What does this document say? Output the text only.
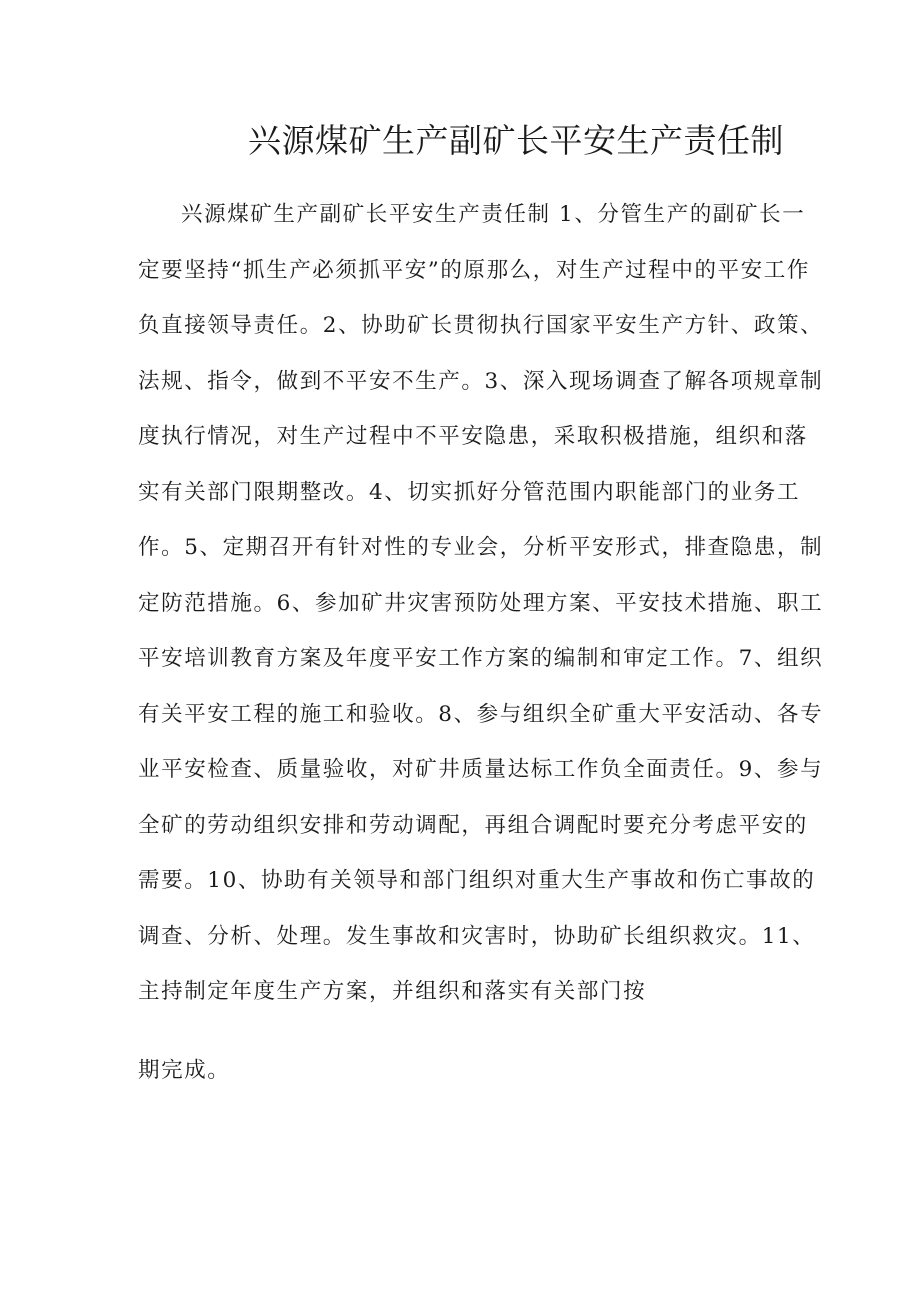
兴源煤矿生产副矿长平安生产责任制
兴源煤矿生产副矿长平安生产责任制 1、分管生产的副矿长一
定要坚持“抓生产必须抓平安”的原那么，对生产过程中的平安工作
负直接领导责任。2、协助矿长贯彻执行国家平安生产方针、政策、
法规、指令，做到不平安不生产。3、深入现场调查了解各项规章制
度执行情况，对生产过程中不平安隐患，采取积极措施，组织和落
实有关部门限期整改。4、切实抓好分管范围内职能部门的业务工
作。5、定期召开有针对性的专业会，分析平安形式，排查隐患，制
定防范措施。6、参加矿井灾害预防处理方案、平安技术措施、职工
平安培训教育方案及年度平安工作方案的编制和审定工作。7、组织
有关平安工程的施工和验收。8、参与组织全矿重大平安活动、各专
业平安检查、质量验收，对矿井质量达标工作负全面责任。9、参与
全矿的劳动组织安排和劳动调配，再组合调配时要充分考虑平安的
需要。10、协助有关领导和部门组织对重大生产事故和伤亡事故的
调查、分析、处理。发生事故和灾害时，协助矿长组织救灾。11、
主持制定年度生产方案，并组织和落实有关部门按
期完成。
